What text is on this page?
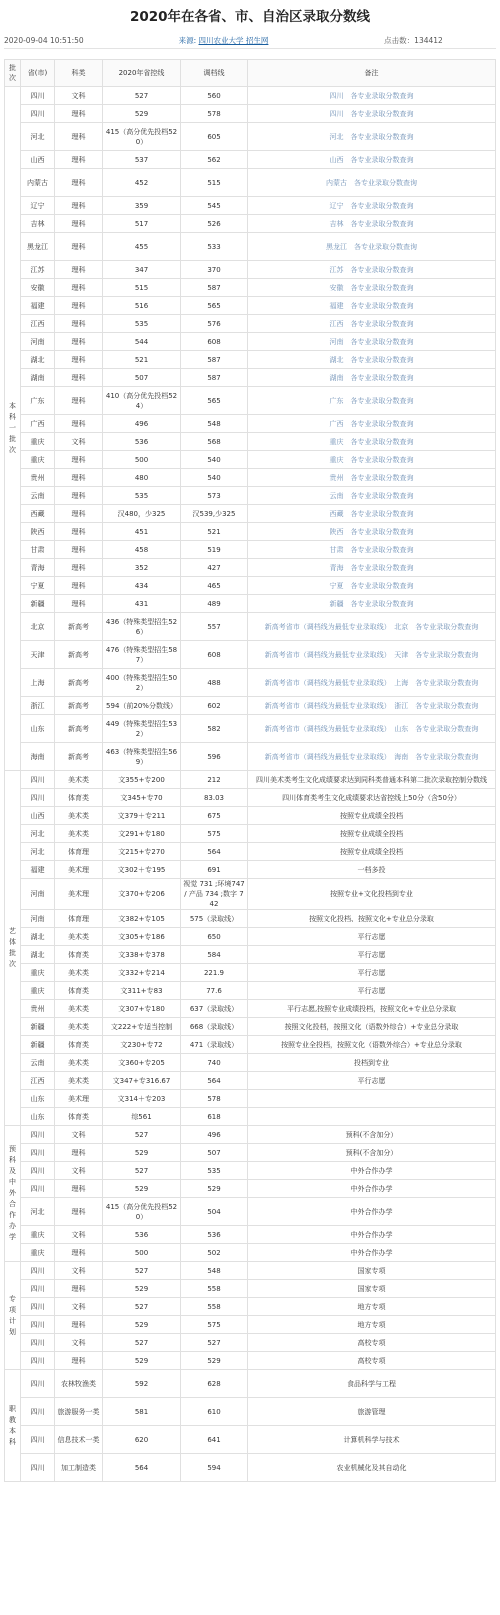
2020年在各省、市、自治区录取分数线
2020-09-04 10:51:50	来源: 四川农业大学 招生网	点击数：134412
批次	省(市)	科类	2020年省控线	调档线	备注
本科一批次	四川	文科	527	560	四川　各专业录取分数查询
	四川	理科	529	578	四川　各专业录取分数查询
	河北	理科	415（高分优先投档520）	605	河北　各专业录取分数查询
	山西	理科	537	562	山西　各专业录取分数查询
	内蒙古	理科	452	515	内蒙古　各专业录取分数查询
	辽宁	理科	359	545	辽宁　各专业录取分数查询
	吉林	理科	517	526	吉林　各专业录取分数查询
	黑龙江	理科	455	533	黑龙江　各专业录取分数查询
	江苏	理科	347	370	江苏　各专业录取分数查询
	安徽	理科	515	587	安徽　各专业录取分数查询
	福建	理科	516	565	福建　各专业录取分数查询
	江西	理科	535	576	江西　各专业录取分数查询
	河南	理科	544	608	河南　各专业录取分数查询
	湖北	理科	521	587	湖北　各专业录取分数查询
	湖南	理科	507	587	湖南　各专业录取分数查询
	广东	理科	410（高分优先投档524）	565	广东　各专业录取分数查询
	广西	理科	496	548	广西　各专业录取分数查询
	重庆	文科	536	568	重庆　各专业录取分数查询
	重庆	理科	500	540	重庆　各专业录取分数查询
	贵州	理科	480	540	贵州　各专业录取分数查询
	云南	理科	535	573	云南　各专业录取分数查询
	西藏	理科	汉480，少325	汉539,少325	西藏　各专业录取分数查询
	陕西	理科	451	521	陕西　各专业录取分数查询
	甘肃	理科	458	519	甘肃　各专业录取分数查询
	青海	理科	352	427	青海　各专业录取分数查询
	宁夏	理科	434	465	宁夏　各专业录取分数查询
	新疆	理科	431	489	新疆　各专业录取分数查询
	北京	新高考	436（特殊类型招生526）	557	新高考省市（调档线为最低专业录取线）　北京　各专业录取分数查询
	天津	新高考	476（特殊类型招生587）	608	新高考省市（调档线为最低专业录取线）　天津　各专业录取分数查询
	上海	新高考	400（特殊类型招生502）	488	新高考省市（调档线为最低专业录取线）　上海　各专业录取分数查询
	浙江	新高考	594（前20%分数线）	602	新高考省市（调档线为最低专业录取线）　浙江　各专业录取分数查询
	山东	新高考	449（特殊类型招生532）	582	新高考省市（调档线为最低专业录取线）　山东　各专业录取分数查询
	海南	新高考	463（特殊类型招生569）	596	新高考省市（调档线为最低专业录取线）　海南　各专业录取分数查询
艺体批次	四川	美术类	文355+专200	212	四川美术类考生文化成绩要求达到同科类普通本科第二批次录取控制分数线
	四川	体育类	文345+专70	83.03	四川体育类考生文化成绩要求达省控线上50分（含50分）
	山西	美术类	文379＋专211	675	按照专业成绩全投档
	河北	美术类	文291+专180	575	按照专业成绩全投档
	河北	体育理	文215+专270	564	按照专业成绩全投档
	福建	美术理	文302＋专195	691	一档多投
	河南	美术理	文370+专206	视觉 731 ;环境747 / 产品 734 ;数字 742	按照专业+文化投档到专业
	河南	体育理	文382+专105	575（录取线）	按照文化投档、按照文化+专业总分录取
	湖北	美术类	文305+专186	650	平行志愿
	湖北	体育类	文338+专378	584	平行志愿
	重庆	美术类	文332+专214	221.9	平行志愿
	重庆	体育类	文311+专83	77.6	平行志愿
	贵州	美术类	文307+专180	637（录取线）	平行志愿,按照专业成绩投档，按照文化+专业总分录取
	新疆	美术类	文222+专适当控制	668（录取线）	按照文化投档，按照文化（语数外综合）+专业总分录取
	新疆	体育类	文230+专72	471（录取线）	按照专业全投档，按照文化（语数外综合）+专业总分录取
	云南	美术类	文360+专205	740	投档到专业
	江西	美术类	文347+专316.67	564	平行志愿
	山东	美术理	文314＋专203	578	
	山东	体育类	综561	618	
预科及中外合作办学	四川	文科	527	496	预科(不含加分）
	四川	理科	529	507	预科(不含加分）
	四川	文科	527	535	中外合作办学
	四川	理科	529	529	中外合作办学
	河北	理科	415（高分优先投档520）	504	中外合作办学
	重庆	文科	536	536	中外合作办学
	重庆	理科	500	502	中外合作办学
专项计划	四川	文科	527	548	国家专项
	四川	理科	529	558	国家专项
	四川	文科	527	558	地方专项
	四川	理科	529	575	地方专项
	四川	文科	527	527	高校专项
	四川	理科	529	529	高校专项
职教本科	四川	农林牧渔类	592	628	食品科学与工程
	四川	旅游服务一类	581	610	旅游管理
	四川	信息技术一类	620	641	计算机科学与技术
	四川	加工制造类	564	594	农业机械化及其自动化
